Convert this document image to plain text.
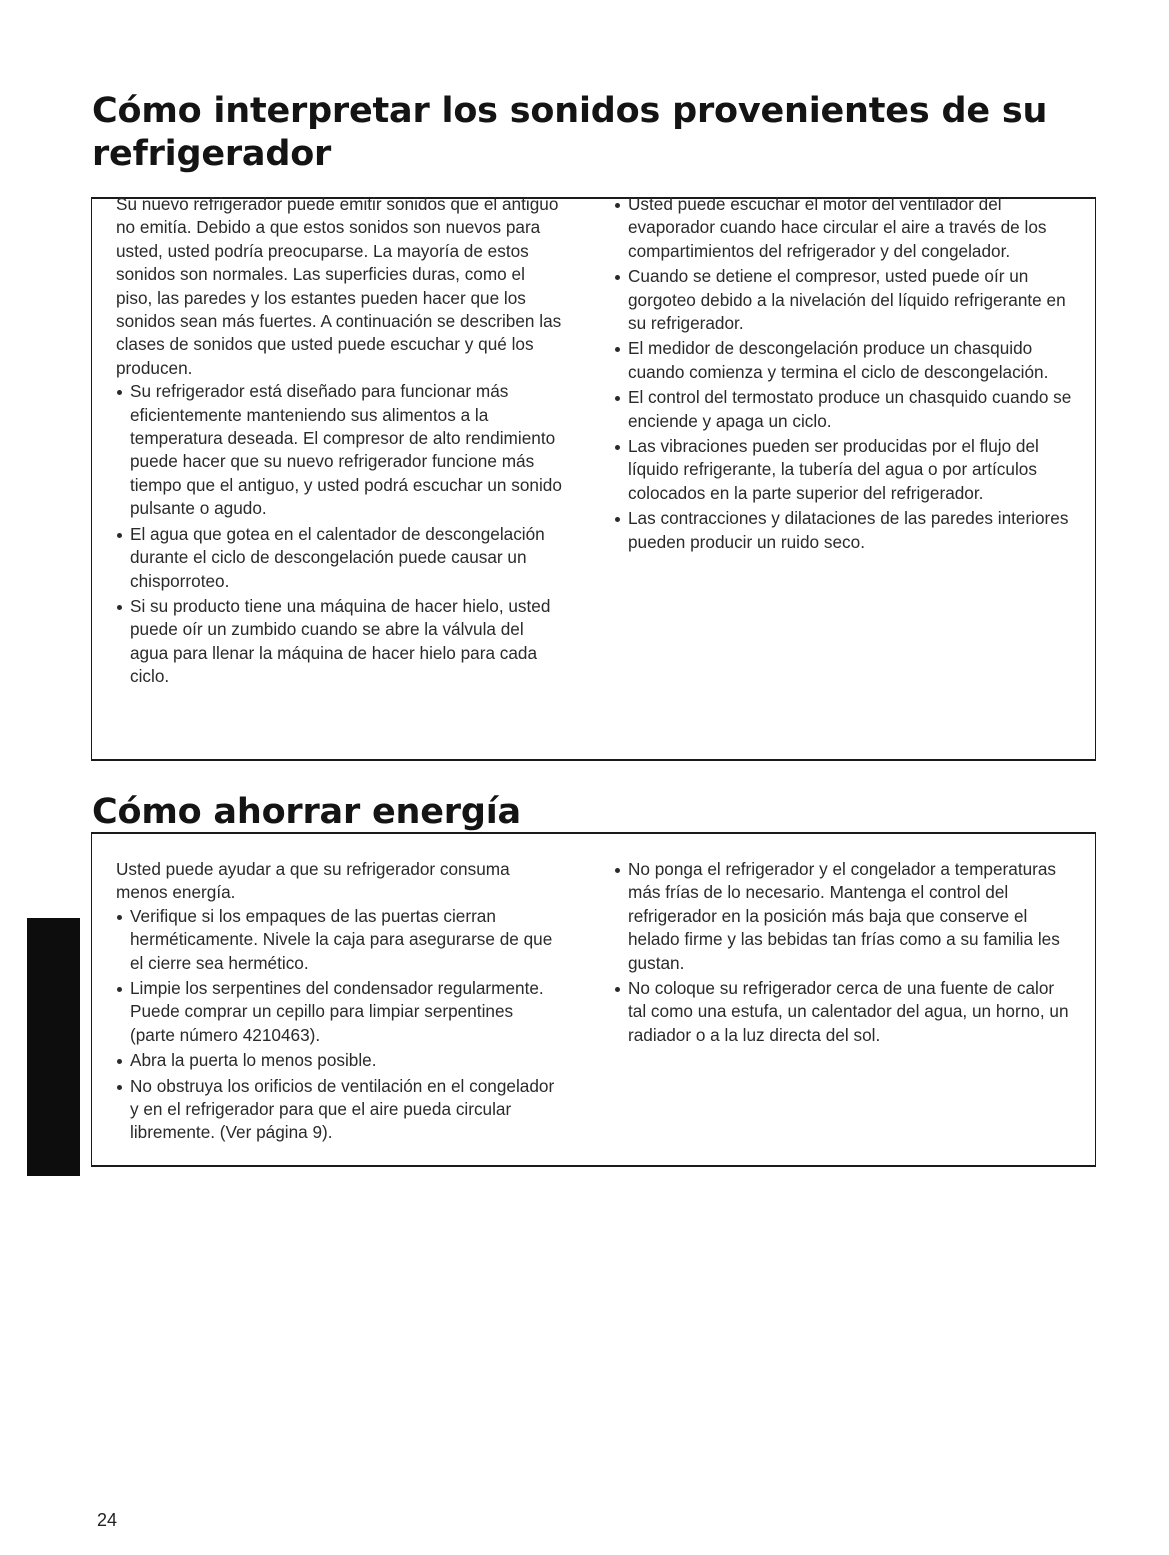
Cómo interpretar los sonidos provenientes de su refrigerador

Su nuevo refrigerador puede emitir sonidos que el antiguo no emitía. Debido a que estos sonidos son nuevos para usted, usted podría preocuparse. La mayoría de estos sonidos son normales. Las superficies duras, como el piso, las paredes y los estantes pueden hacer que los sonidos sean más fuertes. A continuación se describen las clases de sonidos que usted puede escuchar y qué los producen.

Su refrigerador está diseñado para funcionar más eficientemente manteniendo sus alimentos a la temperatura deseada. El compresor de alto rendimiento puede hacer que su nuevo refrigerador funcione más tiempo que el antiguo, y usted podrá escuchar un sonido pulsante o agudo.
El agua que gotea en el calentador de descongelación durante el ciclo de descongelación puede causar un chisporroteo.
Si su producto tiene una máquina de hacer hielo, usted puede oír un zumbido cuando se abre la válvula del agua para llenar la máquina de hacer hielo para cada ciclo.
Usted puede escuchar el motor del ventilador del evaporador cuando hace circular el aire a través de los compartimientos del refrigerador y del congelador.
Cuando se detiene el compresor, usted puede oír un gorgoteo debido a la nivelación del líquido refrigerante en su refrigerador.
El medidor de descongelación produce un chasquido cuando comienza y termina el ciclo de descongelación.
El control del termostato produce un chasquido cuando se enciende y apaga un ciclo.
Las vibraciones pueden ser producidas por el flujo del líquido refrigerante, la tubería del agua o por artículos colocados en la parte superior del refrigerador.
Las contracciones y dilataciones de las paredes interiores pueden producir un ruido seco.
Cómo ahorrar energía

Usted puede ayudar a que su refrigerador consuma menos energía.

Verifique si los empaques de las puertas cierran herméticamente. Nivele la caja para asegurarse de que el cierre sea hermético.
Limpie los serpentines del condensador regularmente. Puede comprar un cepillo para limpiar serpentines (parte número 4210463).
Abra la puerta lo menos posible.
No obstruya los orificios de ventilación en el congelador y en el refrigerador para que el aire pueda circular libremente. (Ver página 9).
No ponga el refrigerador y el congelador a temperaturas más frías de lo necesario. Mantenga el control del refrigerador en la posición más baja que conserve el helado firme y las bebidas tan frías como a su familia les gustan.
No coloque su refrigerador cerca de una fuente de calor tal como una estufa, un calentador del agua, un horno, un radiador o a la luz directa del sol.
24
